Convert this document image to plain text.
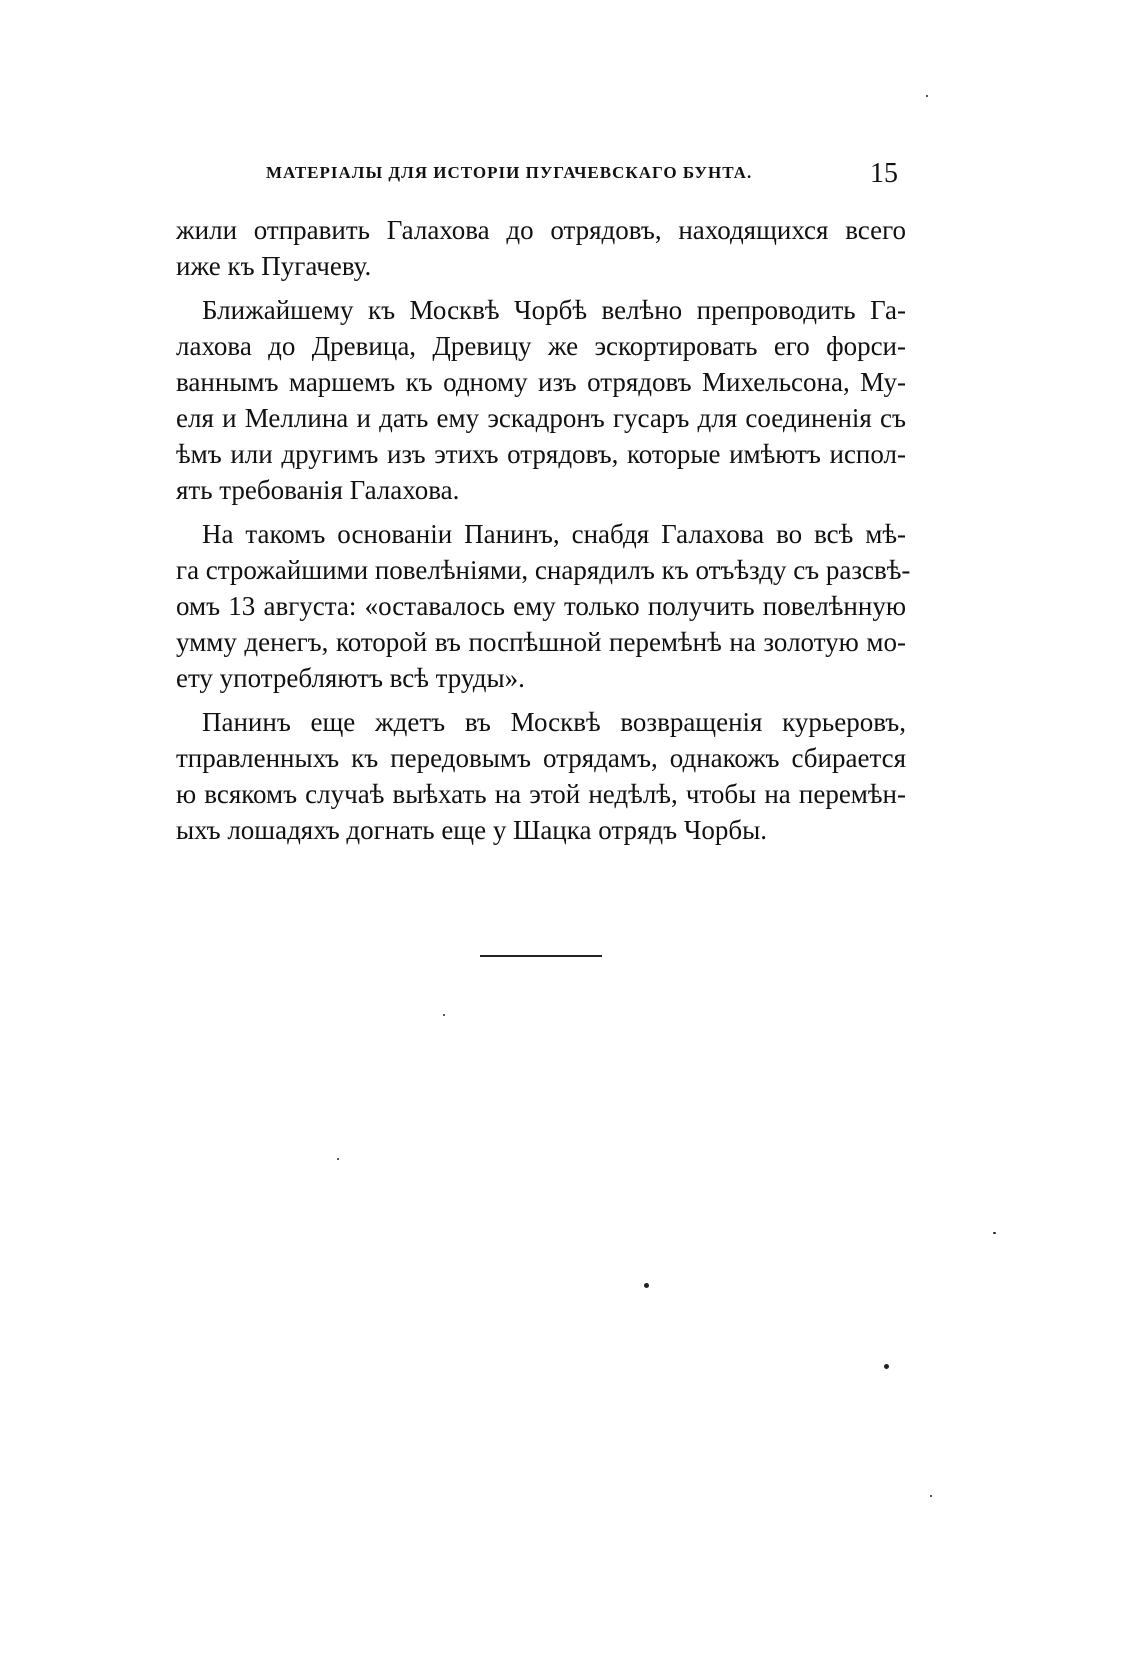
МАТЕРІАЛЫ ДЛЯ ИСТОРІИ ПУГАЧЕВСКАГО БУНТА.	15
жили отправить Галахова до отрядовъ, находящихся всего
иже къ Пугачеву.
Ближайшему къ Москвѣ Чорбѣ велѣно препроводить Га-
лахова до Древица, Древицу же эскортировать его форси-
ваннымъ маршемъ къ одному изъ отрядовъ Михельсона, Му-
еля и Меллина и дать ему эскадронъ гусаръ для соединенія съ
ѣмъ или другимъ изъ этихъ отрядовъ, которые имѣютъ испол-
ять требованія Галахова.
На такомъ основаніи Панинъ, снабдя Галахова во всѣ мѣ-
га строжайшими повелѣніями, снарядилъ къ отъѣзду съ разсвѣ-
омъ 13 августа: «оставалось ему только получить повелѣнную
умму денегъ, которой въ поспѣшной перемѣнѣ на золотую мо-
ету употребляютъ всѣ труды».
Панинъ еще ждетъ въ Москвѣ возвращенія курьеровъ,
тправленныхъ къ передовымъ отрядамъ, однакожъ сбирается
ю всякомъ случаѣ выѣхать на этой недѣлѣ, чтобы на перемѣн-
ыхъ лошадяхъ догнать еще у Шацка отрядъ Чорбы.
